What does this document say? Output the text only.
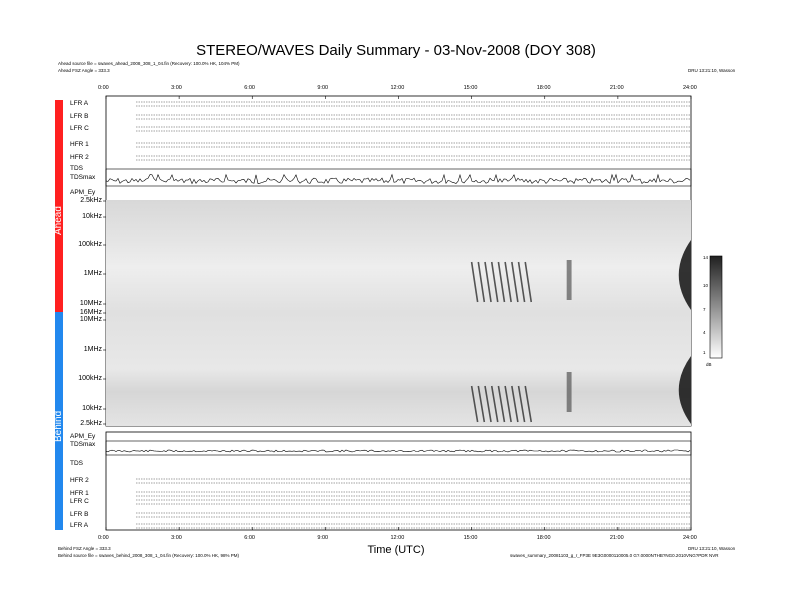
STEREO/WAVES Daily Summary - 03-Nov-2008 (DOY 308)
Ahead source file = swaves_ahead_2008_308_1_04.fin (Recovery: 100.0% HK, 104% PM)
Ahead FSZ Angle = 333.3	DRU 13:21:10, Wasson
Behind FSZ Angle = 333.3
Behind source file = swaves_behind_2008_308_1_04.fin (Recovery: 100.0% HK, 98% PM)
DRU 13:21:10, Wasson
swaves_summary_20081103_g_r_FP3E 9E3G0000110005.0 G?.0000NTHB?NG0.2010VNG?PDR NVR
Ahead
Behind
0:00	3:00	6:00	9:00	12:00	15:00	18:00	21:00	24:00
0:00	3:00	6:00	9:00	12:00	15:00	18:00	21:00	24:00
LFR A
LFR B
LFR C
HFR 1
HFR 2
TDS
TDSmax
APM_Ey
APM_Ey
TDSmax
TDS
HFR 2
HFR 1
LFR C
LFR B
LFR A
2.5kHz
10kHz
100kHz
1MHz
10MHz
16MHz
10MHz
1MHz
100kHz
10kHz
2.5kHz
14
10
7
4
1
dB
Time (UTC)
